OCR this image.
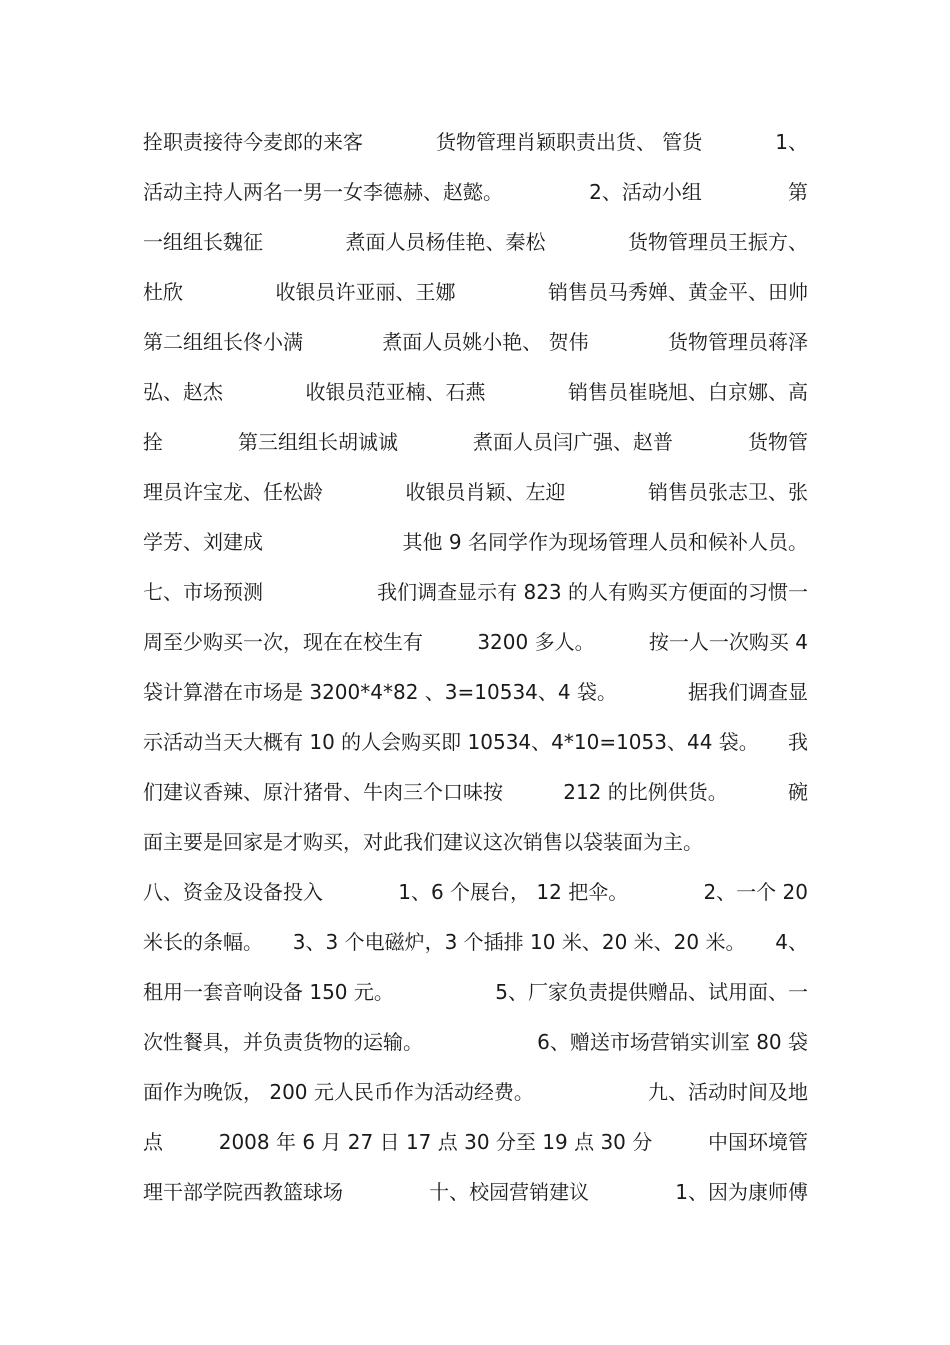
拴职责接待今麦郎的来客	货物管理肖颖职责出货、 管货	1、
活动主持人两名一男一女李德赫、赵懿。	2、活动小组	第
一组组长魏征	煮面人员杨佳艳、秦松	货物管理员王振方、
杜欣	收银员许亚丽、王娜	销售员马秀婵、黄金平、田帅
第二组组长佟小满	煮面人员姚小艳、 贺伟	货物管理员蒋泽
弘、赵杰	收银员范亚楠、石燕	销售员崔晓旭、白京娜、高
拴	第三组组长胡诚诚	煮面人员闫广强、赵普	货物管
理员许宝龙、任松龄	收银员肖颖、左迎	销售员张志卫、张
学芳、刘建成	其他 9 名同学作为现场管理人员和候补人员。
七、市场预测	我们调查显示有 823 的人有购买方便面的习惯一
周至少购买一次，现在在校生有	3200 多人。	按一人一次购买 4
袋计算潜在市场是 3200*4*82 、3=10534、4 袋。	据我们调查显
示活动当天大概有 10 的人会购买即 10534、4*10=1053、44 袋。 我
们建议香辣、原汁猪骨、牛肉三个口味按	212 的比例供货。	碗
面主要是回家是才购买，对此我们建议这次销售以袋装面为主。
八、资金及设备投入	1、6 个展台， 12 把伞。	2、一个 20
米长的条幅。 3、3 个电磁炉，3 个插排 10 米、20 米、20 米。 4、
租用一套音响设备 150 元。	5、厂家负责提供赠品、试用面、一
次性餐具，并负责货物的运输。	6、赠送市场营销实训室 80 袋
面作为晚饭， 200 元人民币作为活动经费。	九、活动时间及地
点	2008 年 6 月 27 日 17 点 30 分至 19 点 30 分	中国环境管
理干部学院西教篮球场	十、校园营销建议	1、因为康师傅
